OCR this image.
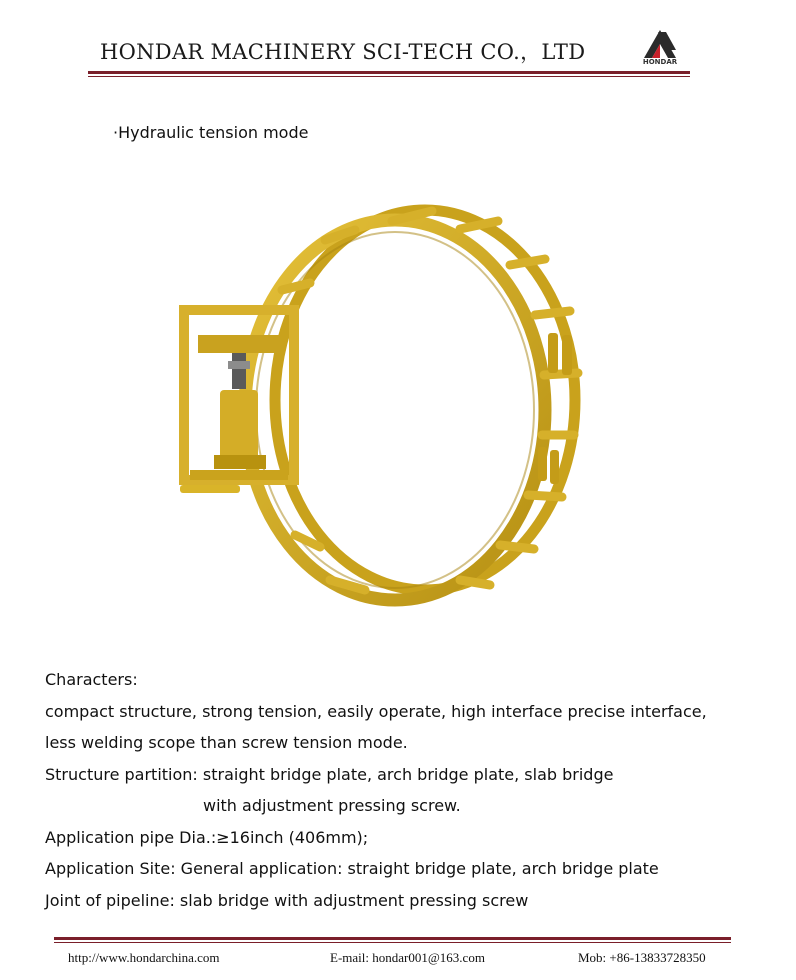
HONDAR MACHINERY SCI-TECH CO.，LTD	HONDAR
·Hydraulic tension mode

Characters:

compact structure, strong tension, easily operate, high interface precise interface,

less welding scope than screw tension mode.

Structure partition: straight bridge plate, arch bridge plate, slab bridge

with adjustment pressing screw.

Application pipe Dia.:≥16inch (406mm);

Application Site: General application: straight bridge plate, arch bridge plate

Joint of pipeline: slab bridge with adjustment pressing screw

http://www.hondarchina.com	E-mail: hondar001@163.com	Mob: +86-13833728350
